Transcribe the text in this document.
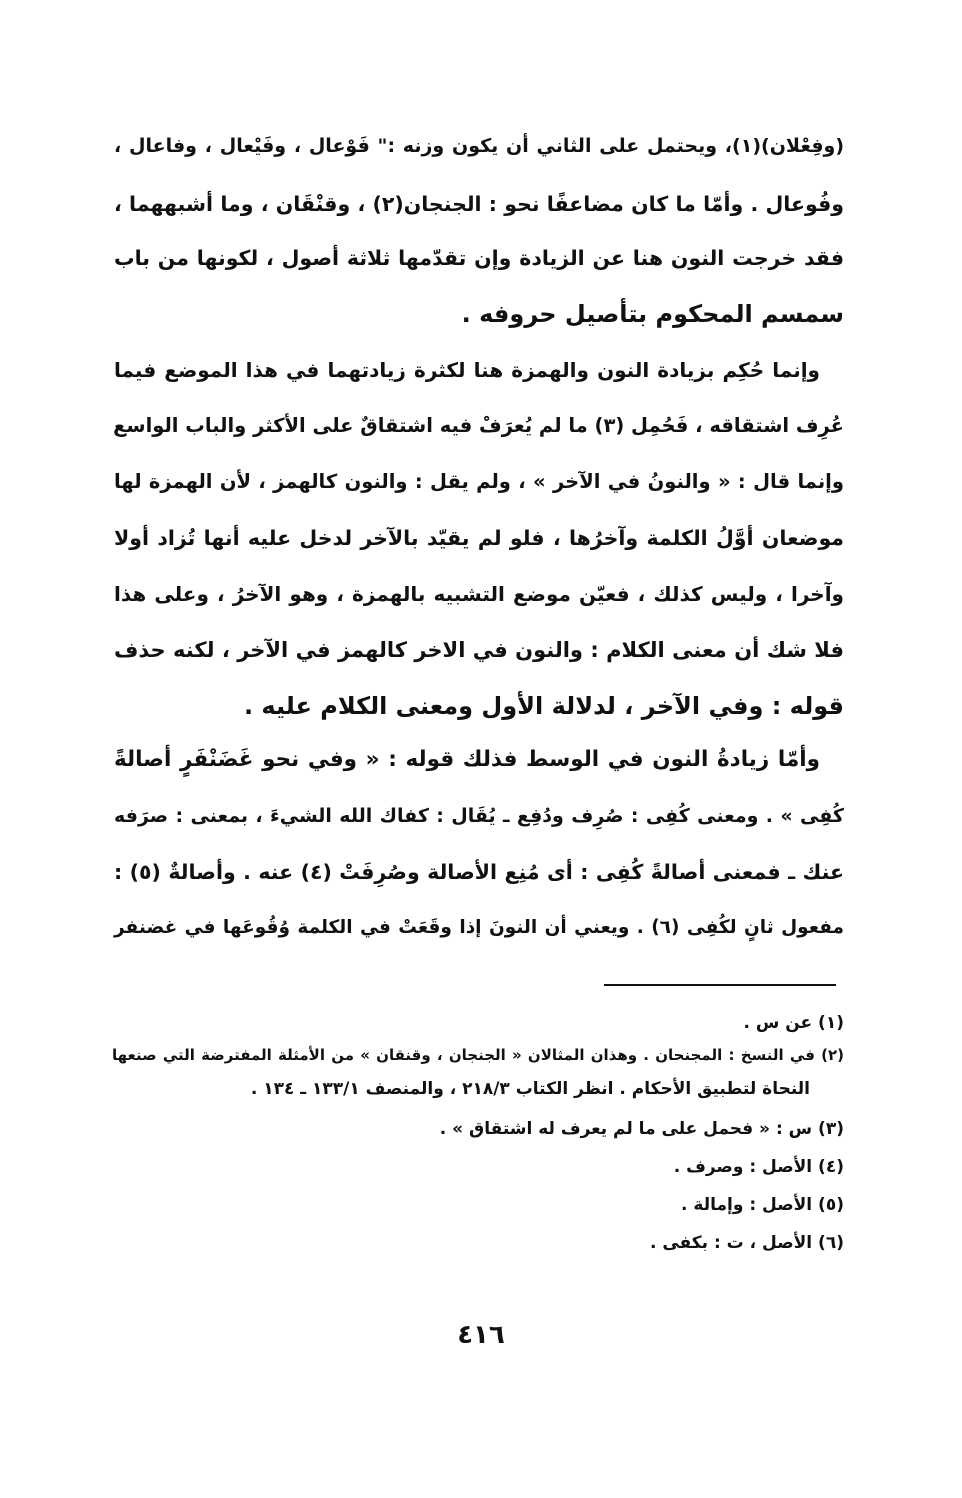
(وفِعْلان)(١)، ويحتمل على الثاني أن يكون وزنه :" فَوْعال ، وفَيْعال ، وفاعال ،
وفُوعال . وأمّا ما كان مضاعفًا نحو : الجنجان(٢) ، وقنْقَان ، وما أشبههما ،
فقد خرجت النون هنا عن الزيادة وإن تقدّمها ثلاثة أصول ، لكونها من باب
سمسم المحكوم بتأصيل حروفه .
وإنما حُكِم بزيادة النون والهمزة هنا لكثرة زيادتهما في هذا الموضع فيما
عُرِف اشتقاقه ، فَحُمِل (٣) ما لم يُعرَفْ فيه اشتقاقٌ على الأكثر والباب الواسع
وإنما قال : « والنونُ في الآخر » ، ولم يقل : والنون كالهمز ، لأن الهمزة لها
موضعان أوَّلُ الكلمة وآخرُها ، فلو لم يقيّد بالآخر لدخل عليه أنها تُزاد أولا
وآخرا ، وليس كذلك ، فعيّن موضع التشبيه بالهمزة ، وهو الآخرُ ، وعلى هذا
فلا شك أن معنى الكلام : والنون في الاخر كالهمز في الآخر ، لكنه حذف
قوله : وفي الآخر ، لدلالة الأول ومعنى الكلام عليه .
وأمّا زيادةُ النون في الوسط فذلك قوله : « وفي نحو غَضَنْفَرٍ أصالةً
كُفِى » . ومعنى كُفِى : صُرِف ودُفِع ـ يُقَال : كفاك الله الشيءَ ، بمعنى : صرَفه
عنك ـ فمعنى أصالةً كُفِى : أى مُنِع الأصالة وصُرِفَتْ (٤) عنه . وأصالةٌ (٥) :
مفعول ثانٍ لكُفِى (٦) . ويعني أن النونَ إذا وقَعَتْ في الكلمة وُقُوعَها في غضنفر
(١) عن س .
(٢) في النسخ : المجنحان . وهذان المثالان « الجنجان ، وقنقان » من الأمثلة المفترضة التي صنعها
النحاة لتطبيق الأحكام . انظر الكتاب ٢١٨/٣ ، والمنصف ١٣٣/١ ـ ١٣٤ .
(٣) س : « فحمل على ما لم يعرف له اشتقاق » .
(٤) الأصل : وصرف .
(٥) الأصل : وإمالة .
(٦) الأصل ، ت : بكفى .
٤١٦
